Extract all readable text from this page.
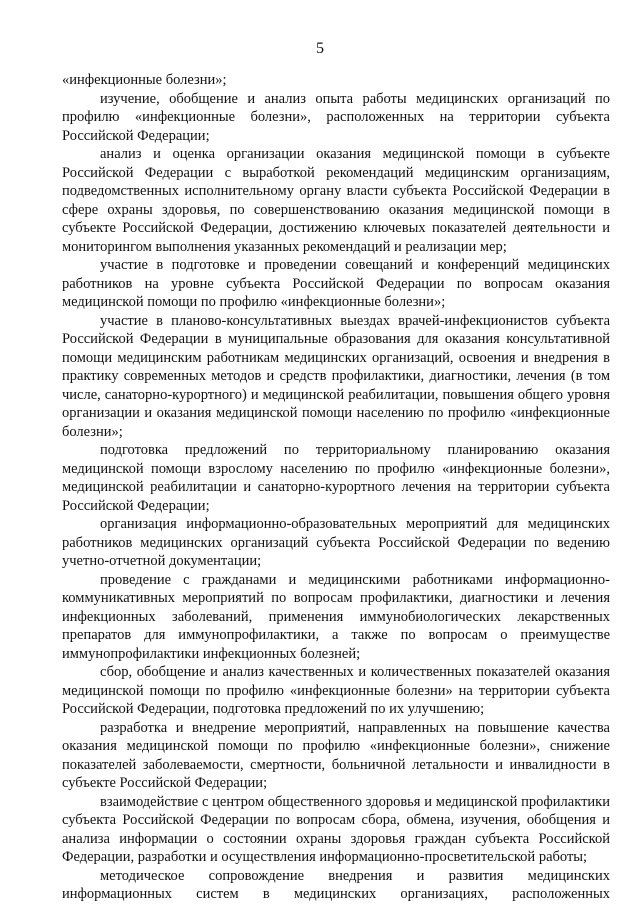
5

«инфекционные болезни»;

изучение, обобщение и анализ опыта работы медицинских организаций по профилю «инфекционные болезни», расположенных на территории субъекта Российской Федерации;

анализ и оценка организации оказания медицинской помощи в субъекте Российской Федерации с выработкой рекомендаций медицинским организациям, подведомственных исполнительному органу власти субъекта Российской Федерации в сфере охраны здоровья, по совершенствованию оказания медицинской помощи в субъекте Российской Федерации, достижению ключевых показателей деятельности и мониторингом выполнения указанных рекомендаций и реализации мер;

участие в подготовке и проведении совещаний и конференций медицинских работников на уровне субъекта Российской Федерации по вопросам оказания медицинской помощи по профилю «инфекционные болезни»;

участие в планово-консультативных выездах врачей-инфекционистов субъекта Российской Федерации в муниципальные образования для оказания консультативной помощи медицинским работникам медицинских организаций, освоения и внедрения в практику современных методов и средств профилактики, диагностики, лечения (в том числе, санаторно-курортного) и медицинской реабилитации, повышения общего уровня организации и оказания медицинской помощи населению по профилю «инфекционные болезни»;

подготовка предложений по территориальному планированию оказания медицинской помощи взрослому населению по профилю «инфекционные болезни», медицинской реабилитации и санаторно-курортного лечения на территории субъекта Российской Федерации;

организация информационно-образовательных мероприятий для медицинских работников медицинских организаций субъекта Российской Федерации по ведению учетно-отчетной документации;

проведение с гражданами и медицинскими работниками информационно-коммуникативных мероприятий по вопросам профилактики, диагностики и лечения инфекционных заболеваний, применения иммунобиологических лекарственных препаратов для иммунопрофилактики, а также по вопросам о преимуществе иммунопрофилактики инфекционных болезней;

сбор, обобщение и анализ качественных и количественных показателей оказания медицинской помощи по профилю «инфекционные болезни» на территории субъекта Российской Федерации, подготовка предложений по их улучшению;

разработка и внедрение мероприятий, направленных на повышение качества оказания медицинской помощи по профилю «инфекционные болезни», снижение показателей заболеваемости, смертности, больничной летальности и инвалидности в субъекте Российской Федерации;

взаимодействие с центром общественного здоровья и медицинской профилактики субъекта Российской Федерации по вопросам сбора, обмена, изучения, обобщения и анализа информации о состоянии охраны здоровья граждан субъекта Российской Федерации, разработки и осуществления информационно-просветительской работы;

методическое сопровождение внедрения и развития медицинских информационных систем в медицинских организациях, расположенных
